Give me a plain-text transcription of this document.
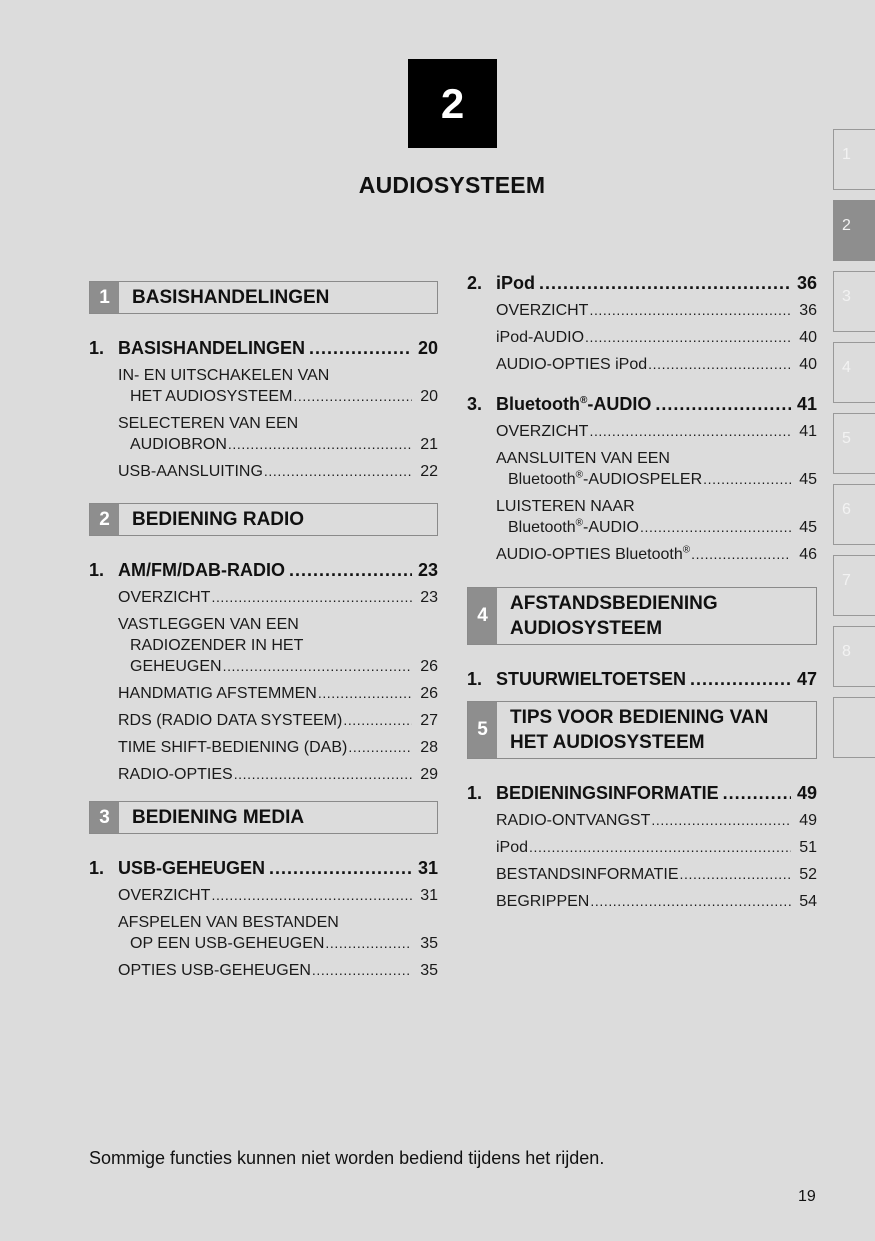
2
AUDIOSYSTEEM
1
2
3
4
5
6
7
8
1	BASISHANDELINGEN
1. BASISHANDELINGEN .....	20
IN- EN UITSCHAKELEN VAN
HET AUDIOSYSTEEM .....	20
SELECTEREN VAN EEN
AUDIOBRON .....	21
USB-AANSLUITING .....	22
2	BEDIENING RADIO
1. AM/FM/DAB-RADIO .....	23
OVERZICHT .....	23
VASTLEGGEN VAN EEN
RADIOZENDER IN HET
GEHEUGEN .....	26
HANDMATIG AFSTEMMEN .....	26
RDS (RADIO DATA SYSTEEM) .....	27
TIME SHIFT-BEDIENING (DAB) .....	28
RADIO-OPTIES .....	29
3	BEDIENING MEDIA
1. USB-GEHEUGEN .....	31
OVERZICHT .....	31
AFSPELEN VAN BESTANDEN
OP EEN USB-GEHEUGEN .....	35
OPTIES USB-GEHEUGEN .....	35
2. iPod .....	36
OVERZICHT .....	36
iPod-AUDIO .....	40
AUDIO-OPTIES iPod .....	40
3. Bluetooth®-AUDIO .....	41
OVERZICHT .....	41
AANSLUITEN VAN EEN
Bluetooth®-AUDIOSPELER .....	45
LUISTEREN NAAR
Bluetooth®-AUDIO .....	45
AUDIO-OPTIES Bluetooth® .....	46
4
AFSTANDSBEDIENING
AUDIOSYSTEEM
1. STUURWIELTOETSEN .....	47
5
TIPS VOOR BEDIENING VAN
HET AUDIOSYSTEEM
1. BEDIENINGSINFORMATIE .....	49
RADIO-ONTVANGST .....	49
iPod .....	51
BESTANDSINFORMATIE .....	52
BEGRIPPEN .....	54
Sommige functies kunnen niet worden bediend tijdens het rijden.
19
